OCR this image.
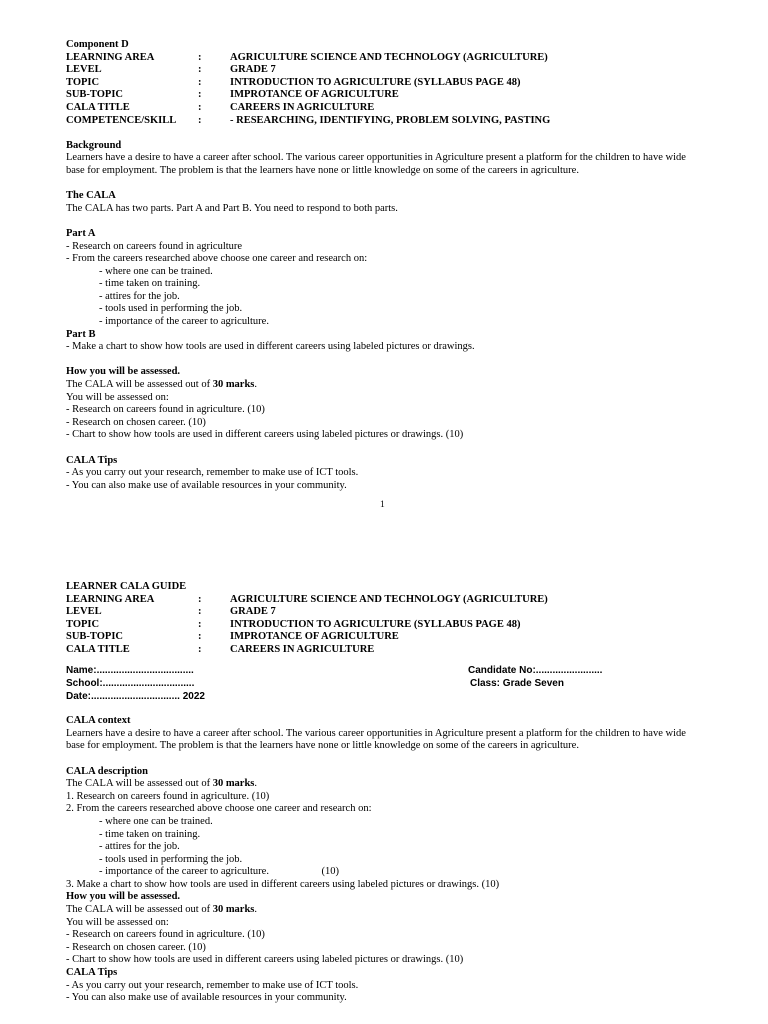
Component D
LEARNING AREA	:	AGRICULTURE SCIENCE AND TECHNOLOGY (AGRICULTURE)
LEVEL	:	GRADE 7
TOPIC	:	INTRODUCTION TO AGRICULTURE (SYLLABUS PAGE 48)
SUB-TOPIC	:	IMPROTANCE OF AGRICULTURE
CALA TITLE	:	CAREERS IN AGRICULTURE
COMPETENCE/SKILL	:	- RESEARCHING, IDENTIFYING, PROBLEM SOLVING, PASTING
Background

Learners have a desire to have a career after school. The various career opportunities in Agriculture present a platform for the children to have wide base for employment. The problem is that the learners have none or little knowledge on some of the careers in agriculture.

The CALA
The CALA has two parts. Part A and Part B. You need to respond to both parts.
Part A
- Research on careers found in agriculture
- From the careers researched above choose one career and research on:
- where one can be trained.
- time taken on training.
- attires for the job.
- tools used in performing the job.
- importance of the career to agriculture.
Part B
- Make a chart to show how tools are used in different careers using labeled pictures or drawings.
How you will be assessed.
The CALA will be assessed out of 30 marks.
You will be assessed on:
- Research on careers found in agriculture. (10)
- Research on chosen career. (10)
- Chart to show how tools are used in different careers using labeled pictures or drawings. (10)
CALA Tips
- As you carry out your research, remember to make use of ICT tools.
- You can also make use of available resources in your community.
1
LEARNER CALA GUIDE
LEARNING AREA	:	AGRICULTURE SCIENCE AND TECHNOLOGY (AGRICULTURE)
LEVEL	:	GRADE 7
TOPIC	:	INTRODUCTION TO AGRICULTURE (SYLLABUS PAGE 48)
SUB-TOPIC	:	IMPROTANCE OF AGRICULTURE
CALA TITLE	:	CAREERS IN AGRICULTURE
Name:...................................
School:.................................
Date:................................ 2022
Candidate No:........................
Class: Grade Seven
CALA context

Learners have a desire to have a career after school. The various career opportunities in Agriculture present a platform for the children to have wide base for employment. The problem is that the learners have none or little knowledge on some of the careers in agriculture.

CALA description
The CALA will be assessed out of 30 marks.
1. Research on careers found in agriculture. (10)
2. From the careers researched above choose one career and research on:
- where one can be trained.
- time taken on training.
- attires for the job.
- tools used in performing the job.
- importance of the career to agriculture.                    (10)
3. Make a chart to show how tools are used in different careers using labeled pictures or drawings. (10)
How you will be assessed.
The CALA will be assessed out of 30 marks.
You will be assessed on:
- Research on careers found in agriculture. (10)
- Research on chosen career. (10)
- Chart to show how tools are used in different careers using labeled pictures or drawings. (10)
CALA Tips
- As you carry out your research, remember to make use of ICT tools.
- You can also make use of available resources in your community.
